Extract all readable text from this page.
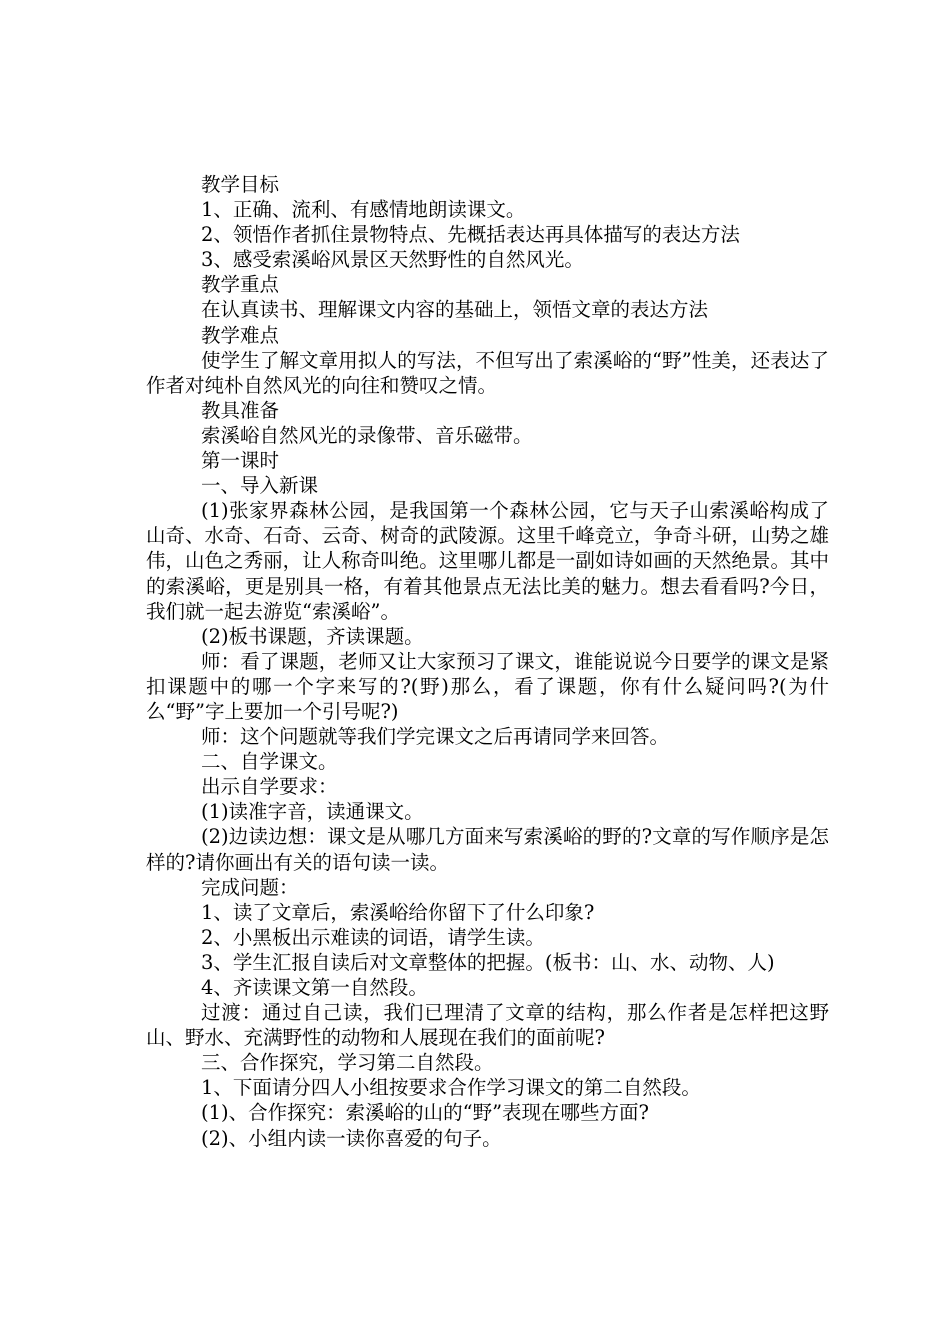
教学目标

1、正确、流利、有感情地朗读课文。

2、领悟作者抓住景物特点、先概括表达再具体描写的表达方法

3、感受索溪峪风景区天然野性的自然风光。

教学重点

在认真读书、理解课文内容的基础上，领悟文章的表达方法

教学难点

使学生了解文章用拟人的写法，不但写出了索溪峪的“野”性美，还表达了作者对纯朴自然风光的向往和赞叹之情。

教具准备

索溪峪自然风光的录像带、音乐磁带。

第一课时

一、导入新课

(1)张家界森林公园，是我国第一个森林公园，它与天子山索溪峪构成了山奇、水奇、石奇、云奇、树奇的武陵源。这里千峰竞立，争奇斗研，山势之雄伟，山色之秀丽，让人称奇叫绝。这里哪儿都是一副如诗如画的天然绝景。其中的索溪峪，更是别具一格，有着其他景点无法比美的魅力。想去看看吗?今日，我们就一起去游览“索溪峪”。

(2)板书课题，齐读课题。

师：看了课题，老师又让大家预习了课文，谁能说说今日要学的课文是紧扣课题中的哪一个字来写的?(野)那么，看了课题，你有什么疑问吗?(为什么“野”字上要加一个引号呢?)

师：这个问题就等我们学完课文之后再请同学来回答。

二、自学课文。

出示自学要求：

(1)读准字音，读通课文。

(2)边读边想：课文是从哪几方面来写索溪峪的野的?文章的写作顺序是怎样的?请你画出有关的语句读一读。

完成问题：

1、读了文章后，索溪峪给你留下了什么印象?

2、小黑板出示难读的词语，请学生读。

3、学生汇报自读后对文章整体的把握。(板书：山、水、动物、人)

4、齐读课文第一自然段。

过渡：通过自己读，我们已理清了文章的结构，那么作者是怎样把这野山、野水、充满野性的动物和人展现在我们的面前呢?

三、合作探究，学习第二自然段。

1、下面请分四人小组按要求合作学习课文的第二自然段。

(1)、合作探究：索溪峪的山的“野”表现在哪些方面?

(2)、小组内读一读你喜爱的句子。
